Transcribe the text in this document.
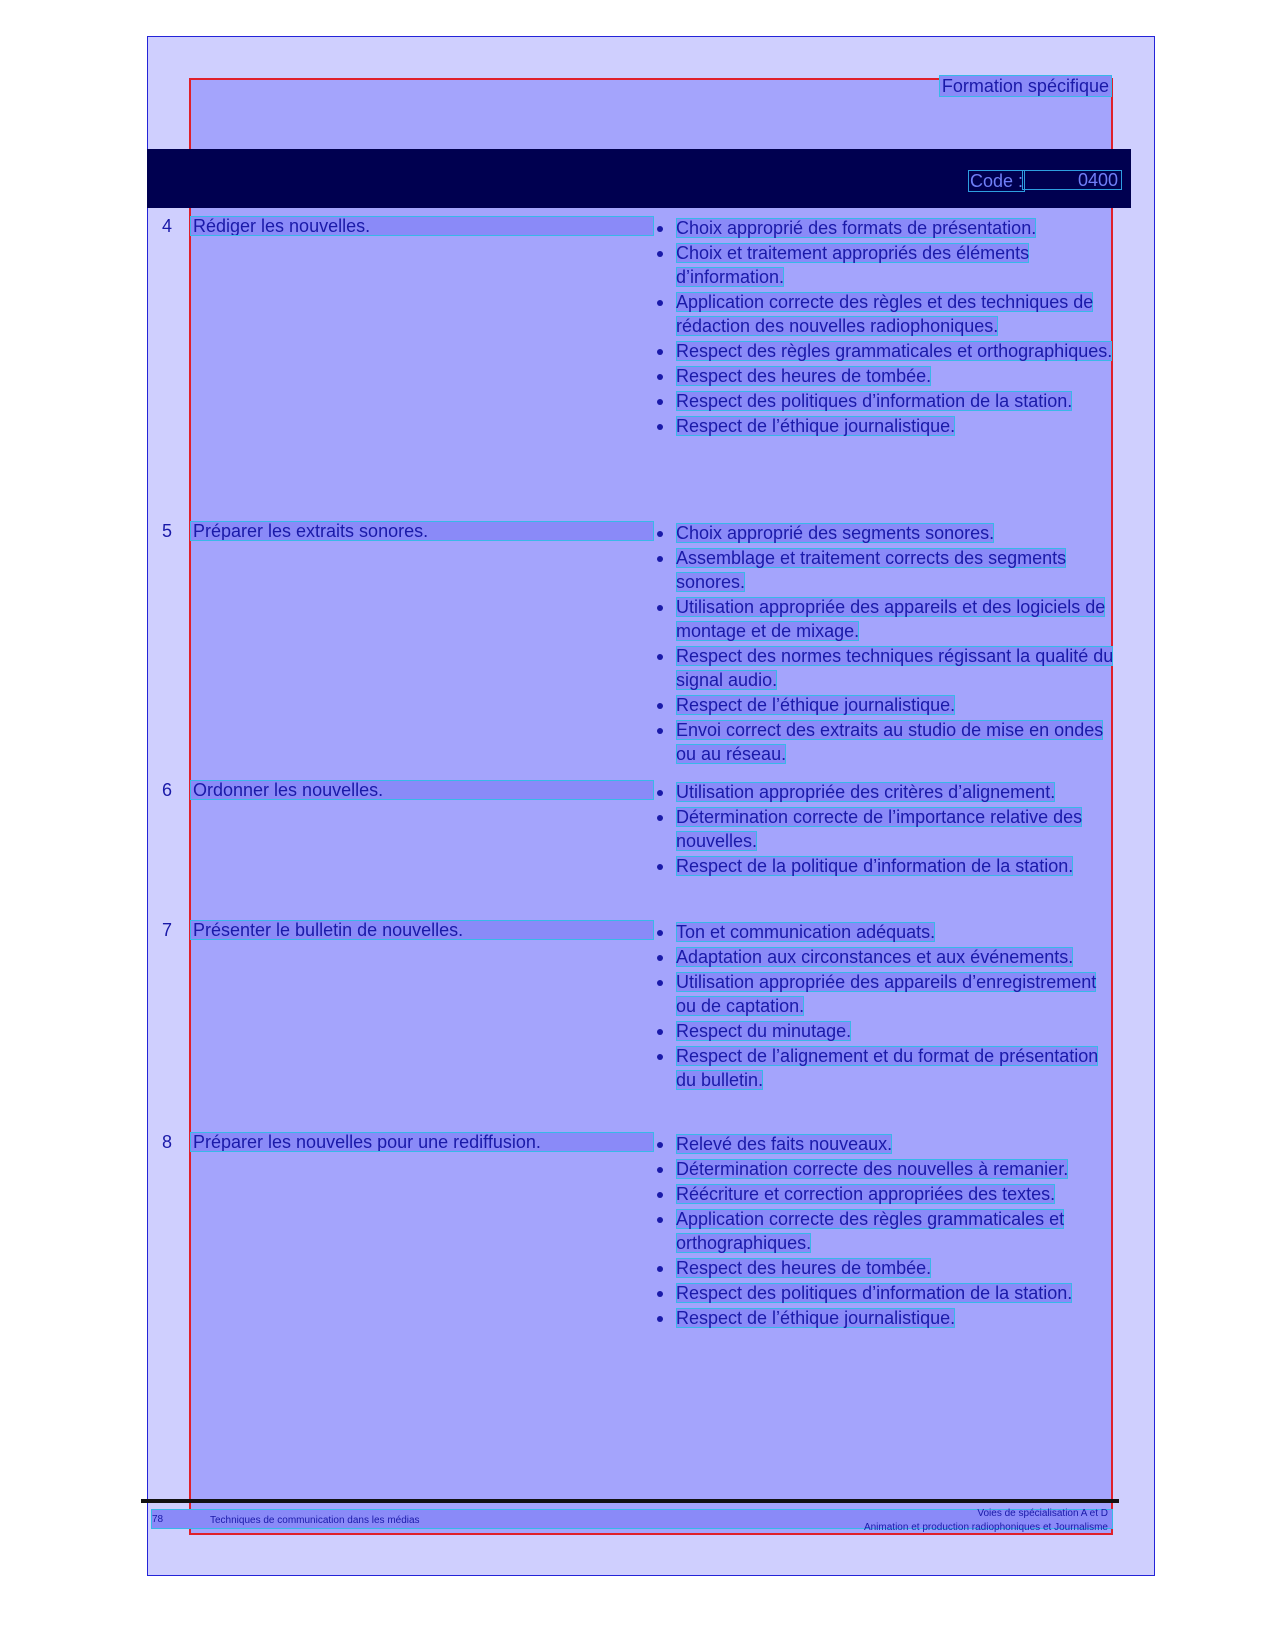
Formation spécifique
Code :	0400
4 Rédiger les nouvelles.	Choix approprié des formats de présentation.
Choix et traitement appropriés des éléments d’information.
Application correcte des règles et des techniques de rédaction des nouvelles radiophoniques.
Respect des règles grammaticales et orthographiques.
Respect des heures de tombée.
Respect des politiques d’information de la station.
Respect de l’éthique journalistique.
5 Préparer les extraits sonores.	Choix approprié des segments sonores.
Assemblage et traitement corrects des segments sonores.
Utilisation appropriée des appareils et des logiciels de montage et de mixage.
Respect des normes techniques régissant la qualité du signal audio.
Respect de l’éthique journalistique.
Envoi correct des extraits au studio de mise en ondes ou au réseau.
6 Ordonner les nouvelles.	Utilisation appropriée des critères d’alignement.
Détermination correcte de l’importance relative des nouvelles.
Respect de la politique d’information de la station.
7 Présenter le bulletin de nouvelles.	Ton et communication adéquats.
Adaptation aux circonstances et aux événements.
Utilisation appropriée des appareils d’enregistrement ou de captation.
Respect du minutage.
Respect de l’alignement et du format de présentation du bulletin.
8 Préparer les nouvelles pour une rediffusion.	Relevé des faits nouveaux.
Détermination correcte des nouvelles à remanier.
Réécriture et correction appropriées des textes.
Application correcte des règles grammaticales et orthographiques.
Respect des heures de tombée.
Respect des politiques d’information de la station.
Respect de l’éthique journalistique.
78	Techniques de communication dans les médias
Voies de spécialisation A et D
Animation et production radiophoniques et Journalisme
